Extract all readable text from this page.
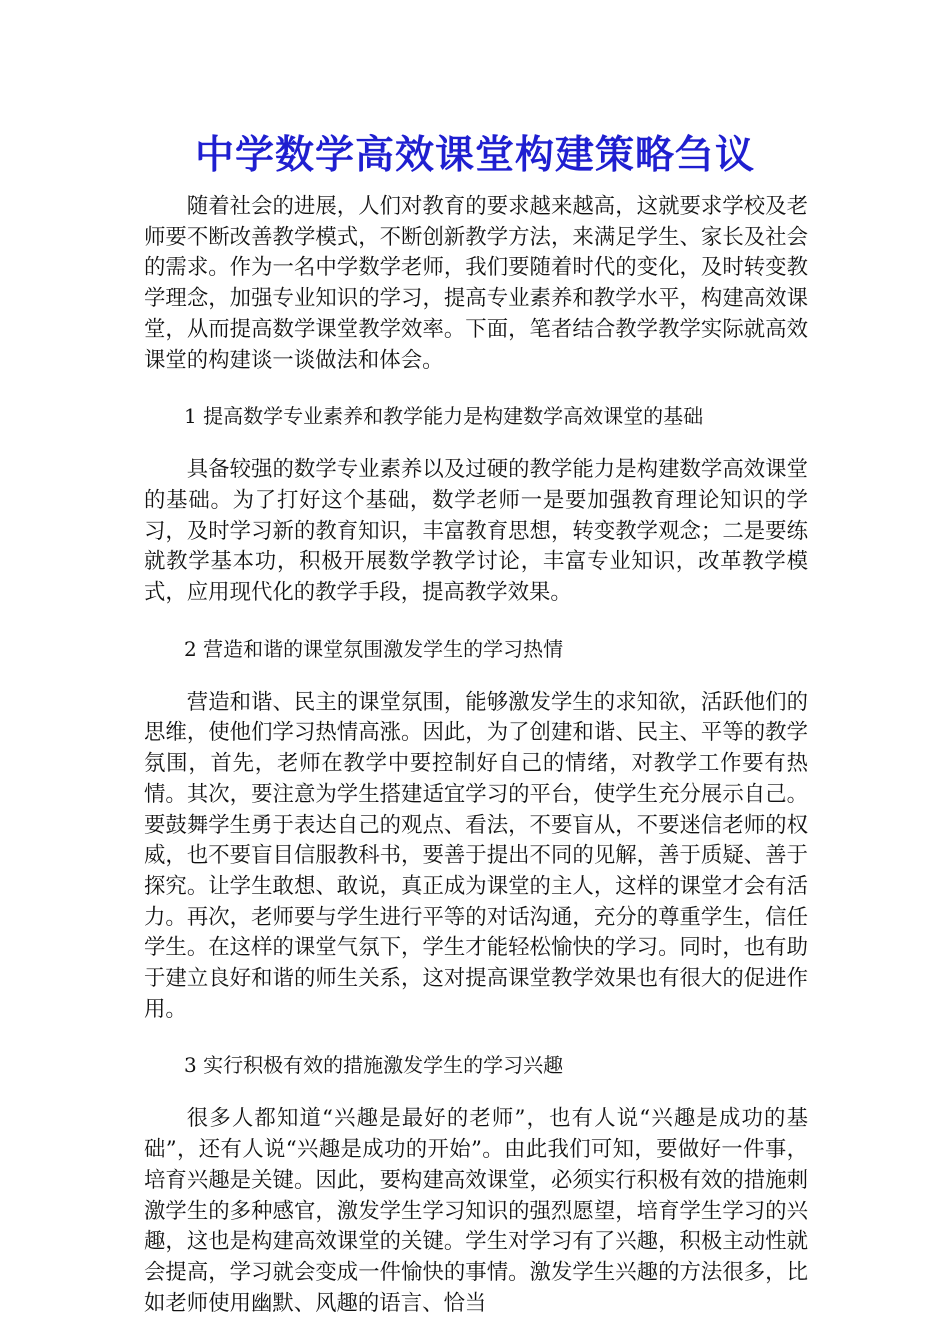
中学数学高效课堂构建策略刍议

随着社会的进展，人们对教育的要求越来越高，这就要求学校及老师要不断改善教学模式，不断创新教学方法，来满足学生、家长及社会的需求。作为一名中学数学老师，我们要随着时代的变化，及时转变教学理念，加强专业知识的学习，提高专业素养和教学水平，构建高效课堂，从而提高数学课堂教学效率。下面，笔者结合教学教学实际就高效课堂的构建谈一谈做法和体会。

1 提高数学专业素养和教学能力是构建数学高效课堂的基础

具备较强的数学专业素养以及过硬的教学能力是构建数学高效课堂的基础。为了打好这个基础，数学老师一是要加强教育理论知识的学习，及时学习新的教育知识，丰富教育思想，转变教学观念；二是要练就教学基本功，积极开展数学教学讨论，丰富专业知识，改革教学模式，应用现代化的教学手段，提高教学效果。

2 营造和谐的课堂氛围激发学生的学习热情

营造和谐、民主的课堂氛围，能够激发学生的求知欲，活跃他们的思维，使他们学习热情高涨。因此，为了创建和谐、民主、平等的教学氛围，首先，老师在教学中要控制好自己的情绪，对教学工作要有热情。其次，要注意为学生搭建适宜学习的平台，使学生充分展示自己。要鼓舞学生勇于表达自己的观点、看法，不要盲从，不要迷信老师的权威，也不要盲目信服教科书，要善于提出不同的见解，善于质疑、善于探究。让学生敢想、敢说，真正成为课堂的主人，这样的课堂才会有活力。再次，老师要与学生进行平等的对话沟通，充分的尊重学生，信任学生。在这样的课堂气氛下，学生才能轻松愉快的学习。同时，也有助于建立良好和谐的师生关系，这对提高课堂教学效果也有很大的促进作用。

3 实行积极有效的措施激发学生的学习兴趣

很多人都知道“兴趣是最好的老师”，也有人说“兴趣是成功的基础”，还有人说“兴趣是成功的开始”。由此我们可知，要做好一件事，培育兴趣是关键。因此，要构建高效课堂，必须实行积极有效的措施刺激学生的多种感官，激发学生学习知识的强烈愿望，培育学生学习的兴趣，这也是构建高效课堂的关键。学生对学习有了兴趣，积极主动性就会提高，学习就会变成一件愉快的事情。激发学生兴趣的方法很多，比如老师使用幽默、风趣的语言、恰当
